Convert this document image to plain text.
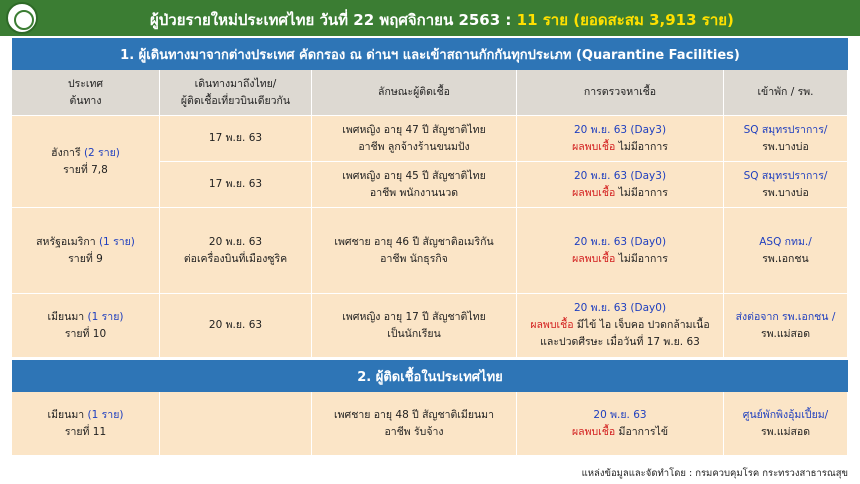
ผู้ป่วยรายใหม่ประเทศไทย วันที่ 22 พฤศจิกายน 2563 : 11 ราย (ยอดสะสม 3,913 ราย)
1. ผู้เดินทางมาจากต่างประเทศ คัดกรอง ณ ด่านฯ และเข้าสถานกักกันทุกประเภท (Quarantine Facilities)
ประเทศ
ต้นทาง
เดินทางมาถึงไทย/
ผู้ติดเชื้อเที่ยวบินเดียวกัน
ลักษณะผู้ติดเชื้อ	การตรวจหาเชื้อ	เข้าพัก / รพ.
ฮังการี (2 ราย)
รายที่ 7,8
17 พ.ย. 63
เพศหญิง อายุ 47 ปี สัญชาติไทย
อาชีพ ลูกจ้างร้านขนมปัง
20 พ.ย. 63 (Day3)
ผลพบเชื้อ ไม่มีอาการ
SQ สมุทรปราการ/
รพ.บางบ่อ
17 พ.ย. 63
เพศหญิง อายุ 45 ปี สัญชาติไทย
อาชีพ พนักงานนวด
20 พ.ย. 63 (Day3)
ผลพบเชื้อ ไม่มีอาการ
SQ สมุทรปราการ/
รพ.บางบ่อ
สหรัฐอเมริกา (1 ราย)
รายที่ 9
20 พ.ย. 63
ต่อเครื่องบินที่เมืองซูริค
เพศชาย อายุ 46 ปี สัญชาติอเมริกัน
อาชีพ นักธุรกิจ
20 พ.ย. 63 (Day0)
ผลพบเชื้อ ไม่มีอาการ
ASQ กทม./
รพ.เอกชน
เมียนมา (1 ราย)
รายที่ 10
20 พ.ย. 63
เพศหญิง อายุ 17 ปี สัญชาติไทย
เป็นนักเรียน
20 พ.ย. 63 (Day0)
ผลพบเชื้อ มีไข้ ไอ เจ็บคอ ปวดกล้ามเนื้อ
และปวดศีรษะ เมื่อวันที่ 17 พ.ย. 63
ส่งต่อจาก รพ.เอกชน /
รพ.แม่สอด
2. ผู้ติดเชื้อในประเทศไทย
เมียนมา (1 ราย)
รายที่ 11
เพศชาย อายุ 48 ปี สัญชาติเมียนมา
อาชีพ รับจ้าง
20 พ.ย. 63
ผลพบเชื้อ มีอาการไข้
ศูนย์พักพิงอุ้มเปี้ยม/
รพ.แม่สอด
แหล่งข้อมูลและจัดทำโดย : กรมควบคุมโรค กระทรวงสาธารณสุข
